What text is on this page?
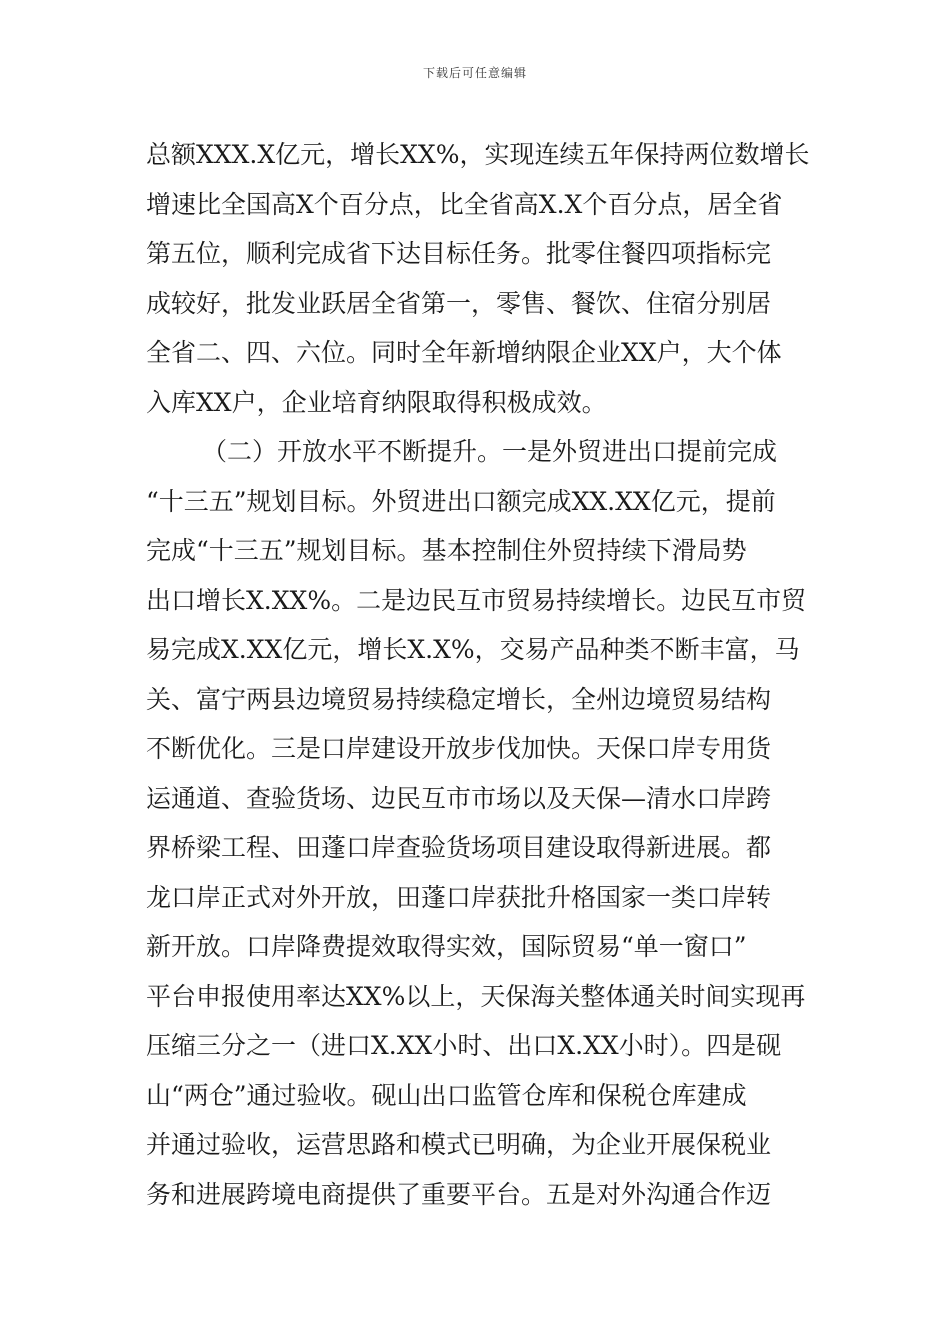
下载后可任意编辑
总额XXX.X亿元，增长XX%，实现连续五年保持两位数增长
增速比全国高X个百分点，比全省高X.X个百分点，居全省
第五位，顺利完成省下达目标任务。批零住餐四项指标完
成较好，批发业跃居全省第一，零售、餐饮、住宿分别居
全省二、四、六位。同时全年新增纳限企业XX户，大个体
入库XX户，企业培育纳限取得积极成效。
（二）开放水平不断提升。一是外贸进出口提前完成
“十三五”规划目标。外贸进出口额完成XX.XX亿元，提前
完成“十三五”规划目标。基本控制住外贸持续下滑局势
出口增长X.XX%。二是边民互市贸易持续增长。边民互市贸
易完成X.XX亿元，增长X.X%，交易产品种类不断丰富，马
关、富宁两县边境贸易持续稳定增长，全州边境贸易结构
不断优化。三是口岸建设开放步伐加快。天保口岸专用货
运通道、查验货场、边民互市市场以及天保—清水口岸跨
界桥梁工程、田蓬口岸查验货场项目建设取得新进展。都
龙口岸正式对外开放，田蓬口岸获批升格国家一类口岸转
新开放。口岸降费提效取得实效，国际贸易“单一窗口”
平台申报使用率达XX%以上，天保海关整体通关时间实现再
压缩三分之一（进口X.XX小时、出口X.XX小时）。四是砚
山“两仓”通过验收。砚山出口监管仓库和保税仓库建成
并通过验收，运营思路和模式已明确，为企业开展保税业
务和进展跨境电商提供了重要平台。五是对外沟通合作迈
